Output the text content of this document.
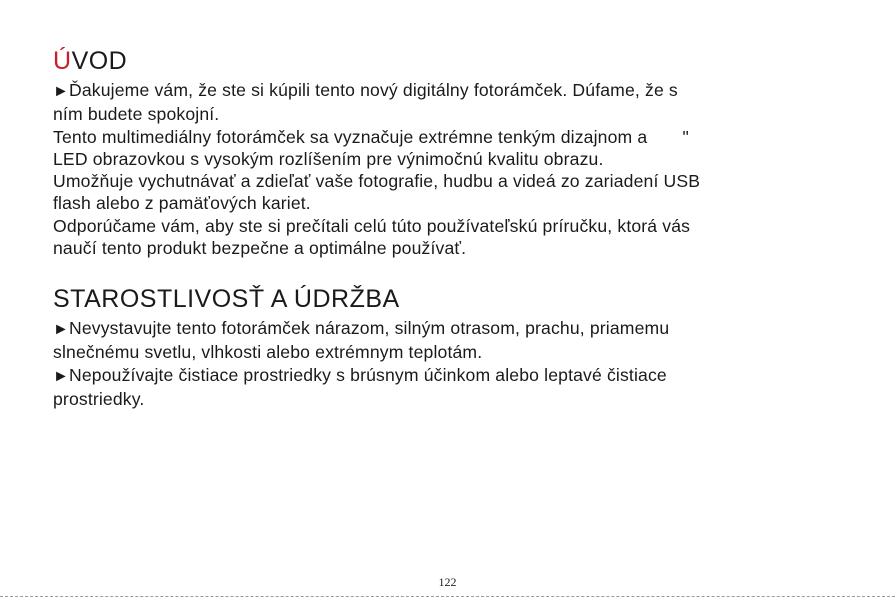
ÚVOD
►Ďakujeme vám, že ste si kúpili tento nový digitálny fotorámček. Dúfame, že s
ním budete spokojní.
Tento multimediálny fotorámček sa vyznačuje extrémne tenkým dizajnom a       "
LED obrazovkou s vysokým rozlíšením pre výnimočnú kvalitu obrazu.
Umožňuje vychutnávať a zdieľať vaše fotografie, hudbu a videá zo zariadení USB
flash alebo z pamäťových kariet.
Odporúčame vám, aby ste si prečítali celú túto používateľskú príručku, ktorá vás
naučí tento produkt bezpečne a optimálne používať.
STAROSTLIVOSŤ A ÚDRŽBA
►Nevystavujte tento fotorámček nárazom, silným otrasom, prachu, priamemu
slnečnému svetlu, vlhkosti alebo extrémnym teplotám.
►Nepoužívajte čistiace prostriedky s brúsnym účinkom alebo leptavé čistiace
prostriedky.
122
